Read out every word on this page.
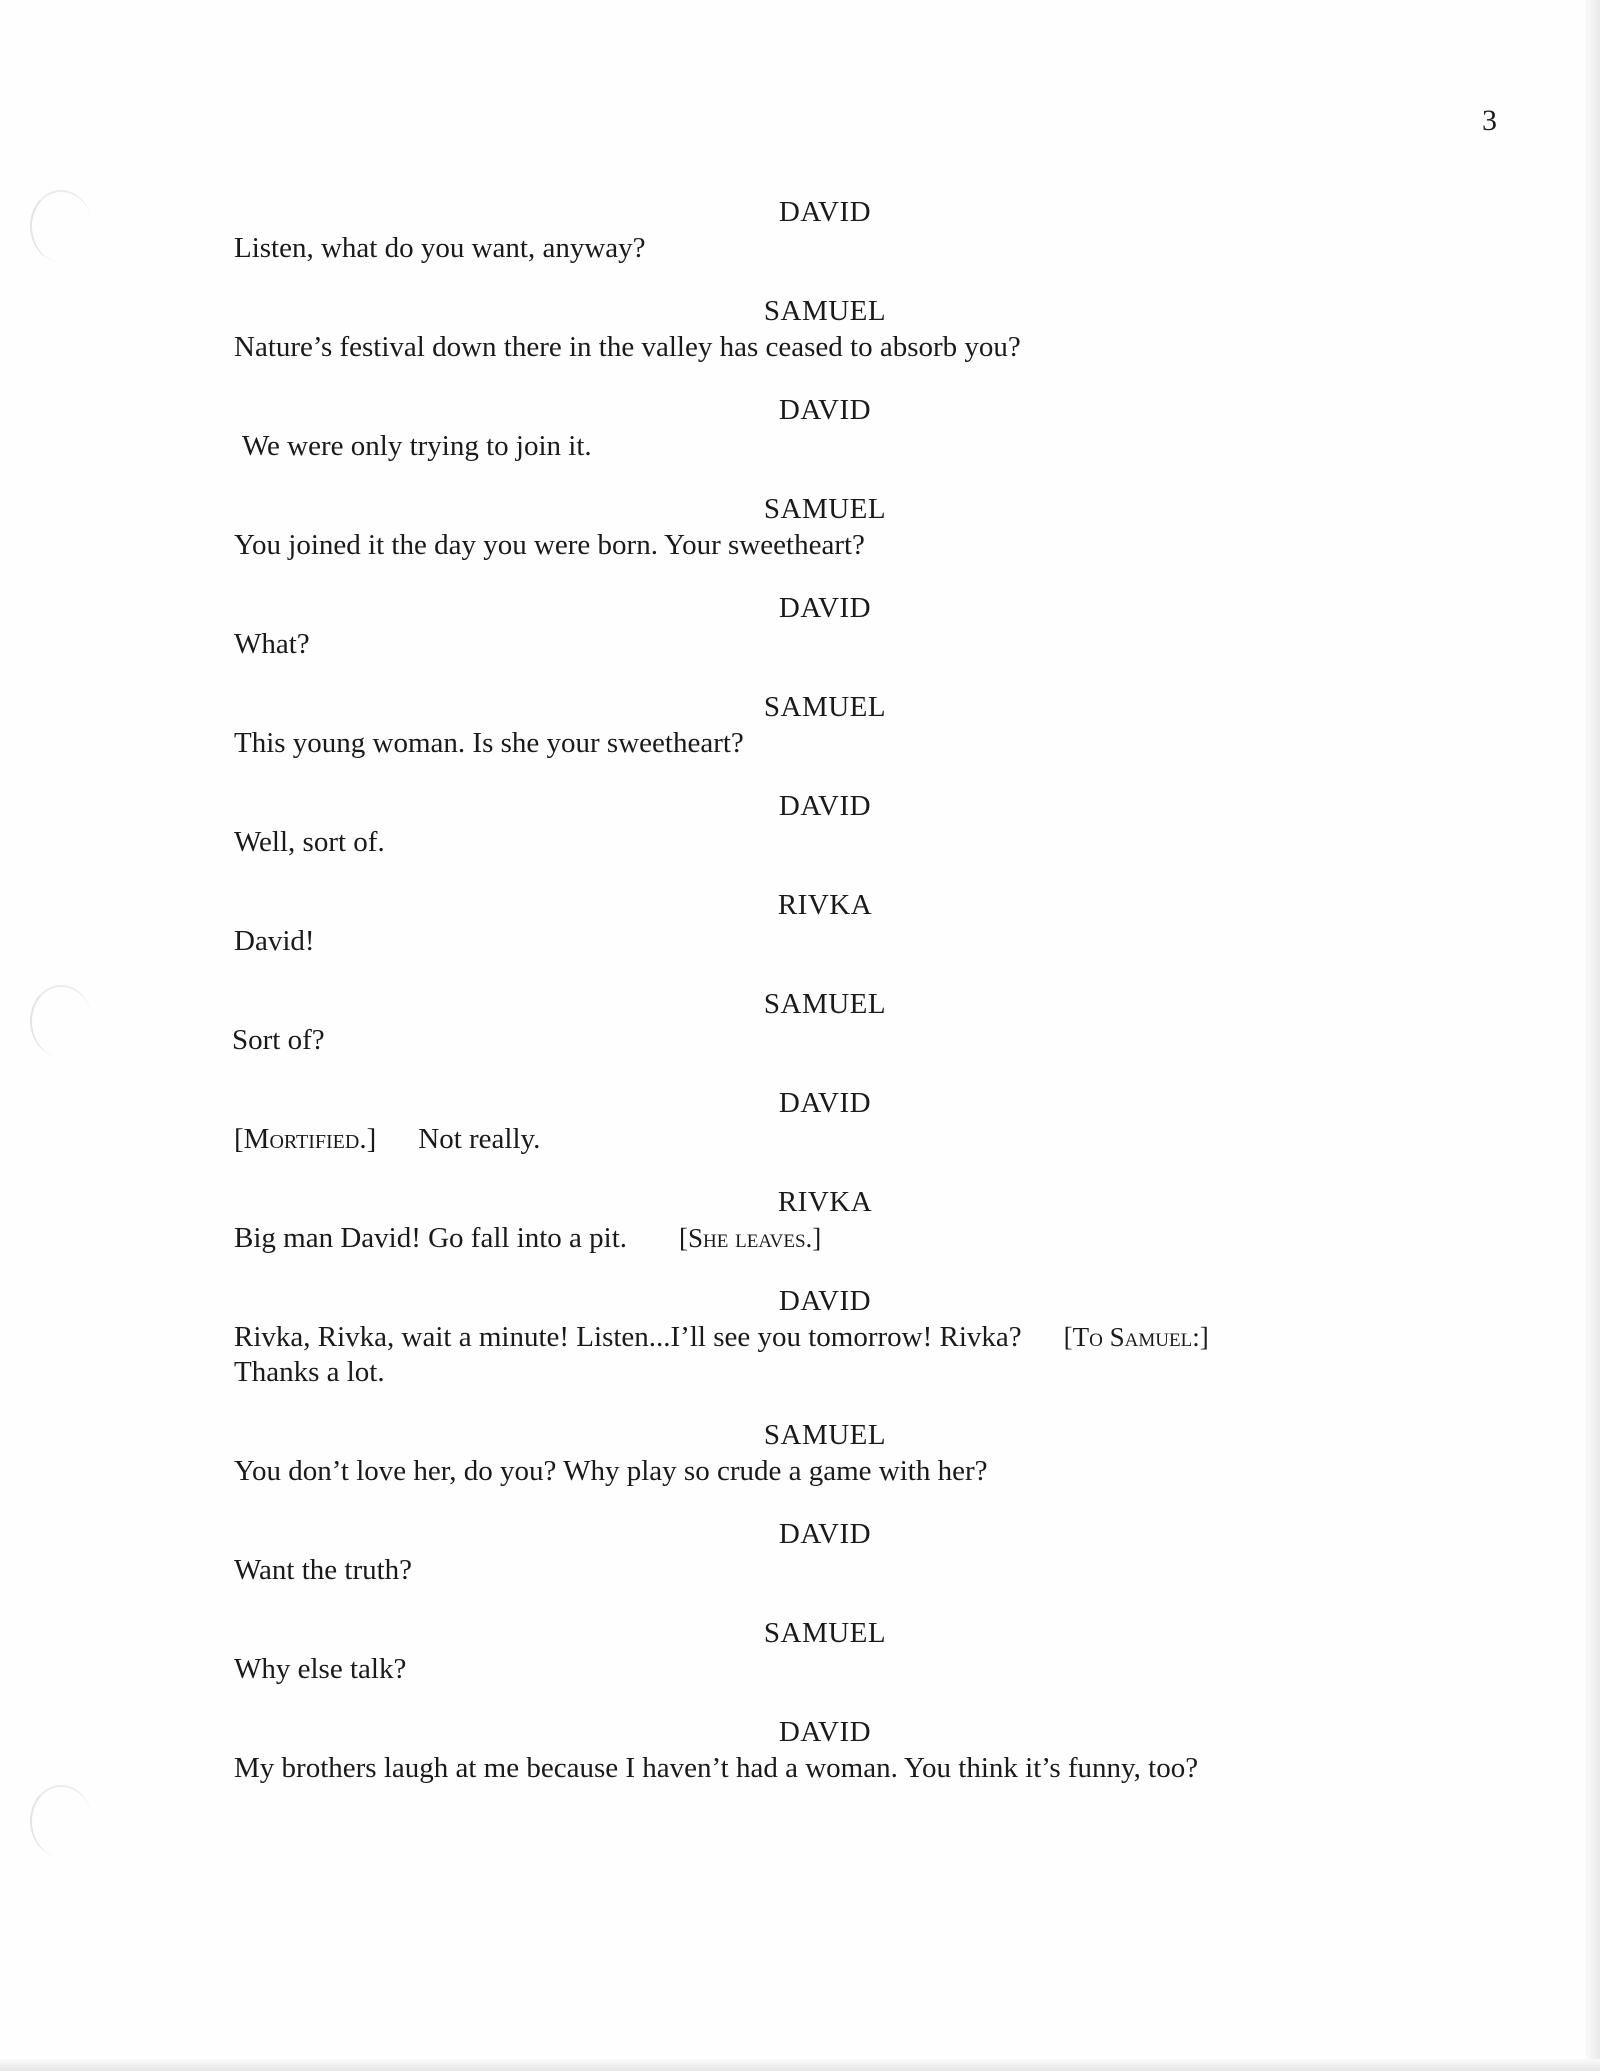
3
DAVID
Listen, what do you want, anyway?
SAMUEL
Nature’s festival down there in the valley has ceased to absorb you?
DAVID
We were only trying to join it.
SAMUEL
You joined it the day you were born. Your sweetheart?
DAVID
What?
SAMUEL
This young woman. Is she your sweetheart?
DAVID
Well, sort of.
RIVKA
David!
SAMUEL
Sort of?
DAVID
[Mortified.] Not really.
RIVKA
Big man David! Go fall into a pit. [She leaves.]
DAVID
Rivka, Rivka, wait a minute! Listen...I’ll see you tomorrow! Rivka? [To Samuel:]
Thanks a lot.
SAMUEL
You don’t love her, do you? Why play so crude a game with her?
DAVID
Want the truth?
SAMUEL
Why else talk?
DAVID
My brothers laugh at me because I haven’t had a woman. You think it’s funny, too?
